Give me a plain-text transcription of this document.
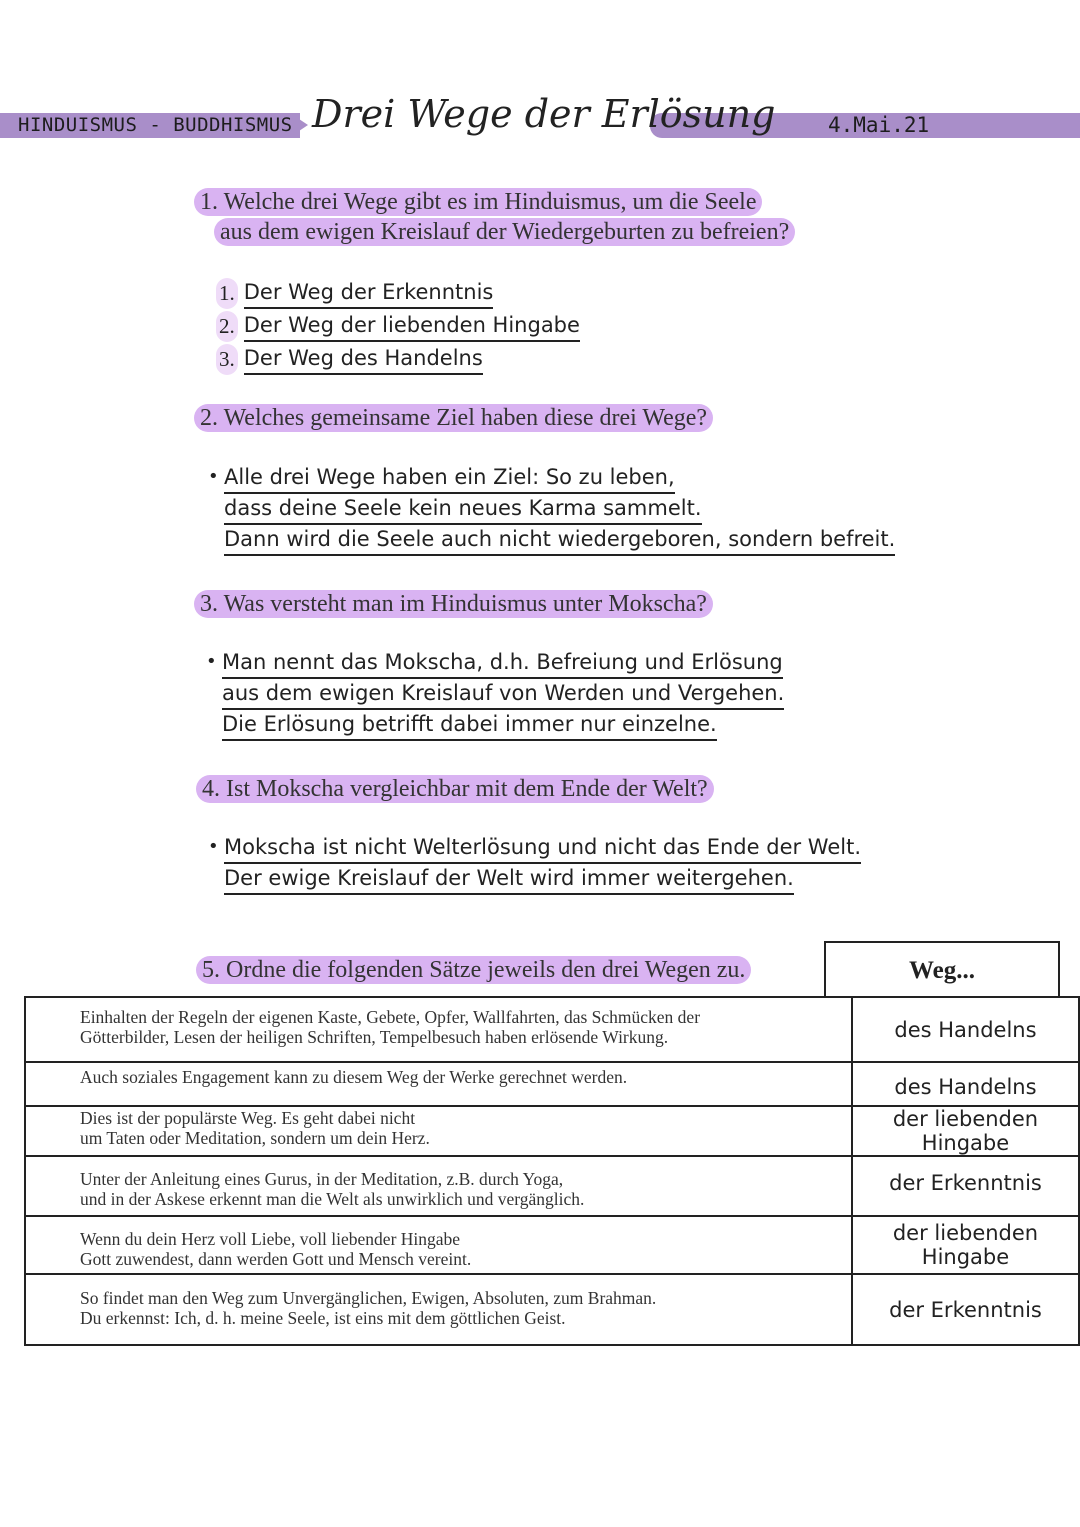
HINDUISMUS - BUDDHISMUS Drei Wege der Erlösung	4.Mai.21
1. Welche drei Wege gibt es im Hinduismus, um die Seele
aus dem ewigen Kreislauf der Wiedergeburten zu befreien?
1. Der Weg der Erkenntnis
2. Der Weg der liebenden Hingabe
3. Der Weg des Handelns
2. Welches gemeinsame Ziel haben diese drei Wege?
• Alle drei Wege haben ein Ziel: So zu leben,
dass deine Seele kein neues Karma sammelt.
Dann wird die Seele auch nicht wiedergeboren, sondern befreit.
3. Was versteht man im Hinduismus unter Mokscha?
• Man nennt das Mokscha, d.h. Befreiung und Erlösung
aus dem ewigen Kreislauf von Werden und Vergehen.
Die Erlösung betrifft dabei immer nur einzelne.
4. Ist Mokscha vergleichbar mit dem Ende der Welt?
• Mokscha ist nicht Welterlösung und nicht das Ende der Welt.
Der ewige Kreislauf der Welt wird immer weitergehen.
5. Ordne die folgenden Sätze jeweils den drei Wegen zu.	Weg...
Einhalten der Regeln der eigenen Kaste, Gebete, Opfer, Wallfahrten, das Schmücken der
Götterbilder, Lesen der heiligen Schriften, Tempelbesuch haben erlösende Wirkung.	des Handelns

Auch soziales Engagement kann zu diesem Weg der Werke gerechnet werden.	des Handelns

Dies ist der populärste Weg. Es geht dabei nicht
um Taten oder Meditation, sondern um dein Herz.	der liebenden Hingabe

Unter der Anleitung eines Gurus, in der Meditation, z.B. durch Yoga,
und in der Askese erkennt man die Welt als unwirklich und vergänglich.	der Erkenntnis

Wenn du dein Herz voll Liebe, voll liebender Hingabe
Gott zuwendest, dann werden Gott und Mensch vereint.	der liebenden Hingabe

So findet man den Weg zum Unvergänglichen, Ewigen, Absoluten, zum Brahman.
Du erkennst: Ich, d. h. meine Seele, ist eins mit dem göttlichen Geist.	der Erkenntnis
